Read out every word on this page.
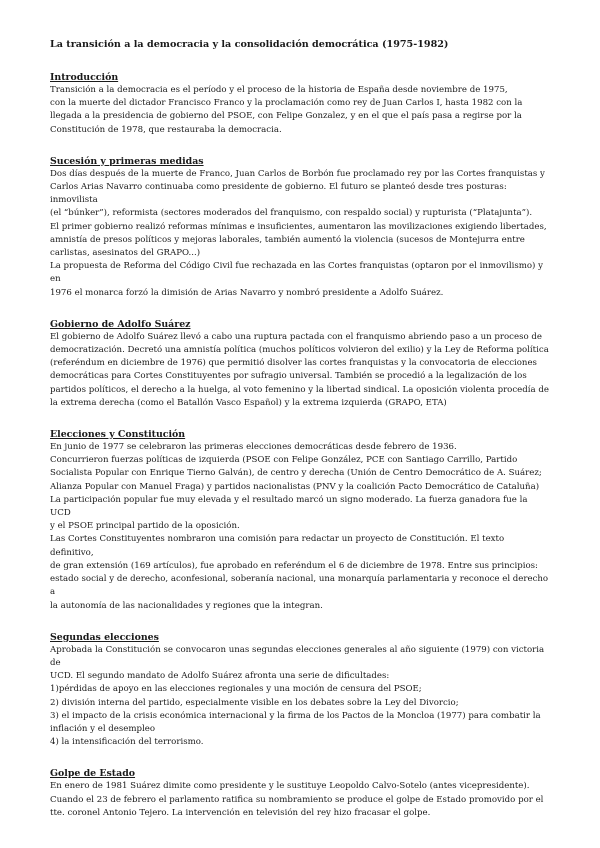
La transición a la democracia y la consolidación democrática (1975-1982)
Introducción

Transición a la democracia es el período y el proceso de la historia de España desde noviembre de 1975,

con la muerte del dictador Francisco Franco y la proclamación como rey de Juan Carlos I, hasta 1982 con la

llegada a la presidencia de gobierno del PSOE, con Felipe Gonzalez, y en el que el país pasa a regirse por la

Constitución de 1978, que restauraba la democracia.

Sucesión y primeras medidas

Dos días después de la muerte de Franco, Juan Carlos de Borbón fue proclamado rey por las Cortes franquistas y

Carlos Arias Navarro continuaba como presidente de gobierno. El futuro se planteó desde tres posturas: inmovilista

(el “búnker”), reformista (sectores moderados del franquismo, con respaldo social) y rupturista (“Platajunta”).

El primer gobierno realizó reformas mínimas e insuficientes, aumentaron las movilizaciones exigiendo libertades,

amnistía de presos políticos y mejoras laborales, también aumentó la violencia (sucesos de Montejurra entre

carlistas, asesinatos del GRAPO...)

La propuesta de Reforma del Código Civil fue rechazada en las Cortes franquistas (optaron por el inmovilismo) y en

1976 el monarca forzó la dimisión de Arias Navarro y nombró presidente a Adolfo Suárez.

Gobierno de Adolfo Suárez

El gobierno de Adolfo Suárez llevó a cabo una ruptura pactada con el franquismo abriendo paso a un proceso de

democratización. Decretó una amnistía política (muchos políticos volvieron del exilio) y la Ley de Reforma política

(referéndum en diciembre de 1976) que permitió disolver las cortes franquistas y la convocatoria de elecciones

democráticas para Cortes Constituyentes por sufragio universal. También se procedió a la legalización de los

partidos políticos, el derecho a la huelga, al voto femenino y la libertad sindical. La oposición violenta procedía de

la extrema derecha (como el Batallón Vasco Español) y la extrema izquierda (GRAPO, ETA)

Elecciones y Constitución

En junio de 1977 se celebraron las primeras elecciones democráticas desde febrero de 1936.

Concurrieron fuerzas políticas de izquierda (PSOE con Felipe González, PCE con Santiago Carrillo, Partido

Socialista Popular con Enrique Tierno Galván), de centro y derecha (Unión de Centro Democrático de A. Suárez;

Alianza Popular con Manuel Fraga) y partidos nacionalistas (PNV y la coalición Pacto Democrático de Cataluña)

La participación popular fue muy elevada y el resultado marcó un signo moderado. La fuerza ganadora fue la UCD

y el PSOE principal partido de la oposición.

Las Cortes Constituyentes nombraron una comisión para redactar un proyecto de Constitución. El texto definitivo,

de gran extensión (169 artículos), fue aprobado en referéndum el 6 de diciembre de 1978. Entre sus principios:

estado social y de derecho, aconfesional, soberanía nacional, una monarquía parlamentaria y reconoce el derecho a

la autonomía de las nacionalidades y regiones que la integran.

Segundas elecciones

Aprobada la Constitución se convocaron unas segundas elecciones generales al año siguiente (1979) con victoria de

UCD. El segundo mandato de Adolfo Suárez afronta una serie de dificultades:

1)pérdidas de apoyo en las elecciones regionales y una moción de censura del PSOE;

2) división interna del partido, especialmente visible en los debates sobre la Ley del Divorcio;

3) el impacto de la crisis económica internacional y la firma de los Pactos de la Moncloa (1977) para combatir la

inflación y el desempleo

4) la intensificación del terrorismo.

Golpe de Estado

En enero de 1981 Suárez dimite como presidente y le sustituye Leopoldo Calvo-Sotelo (antes vicepresidente).

Cuando el 23 de febrero el parlamento ratifica su nombramiento se produce el golpe de Estado promovido por el

tte. coronel Antonio Tejero. La intervención en televisión del rey hizo fracasar el golpe.
